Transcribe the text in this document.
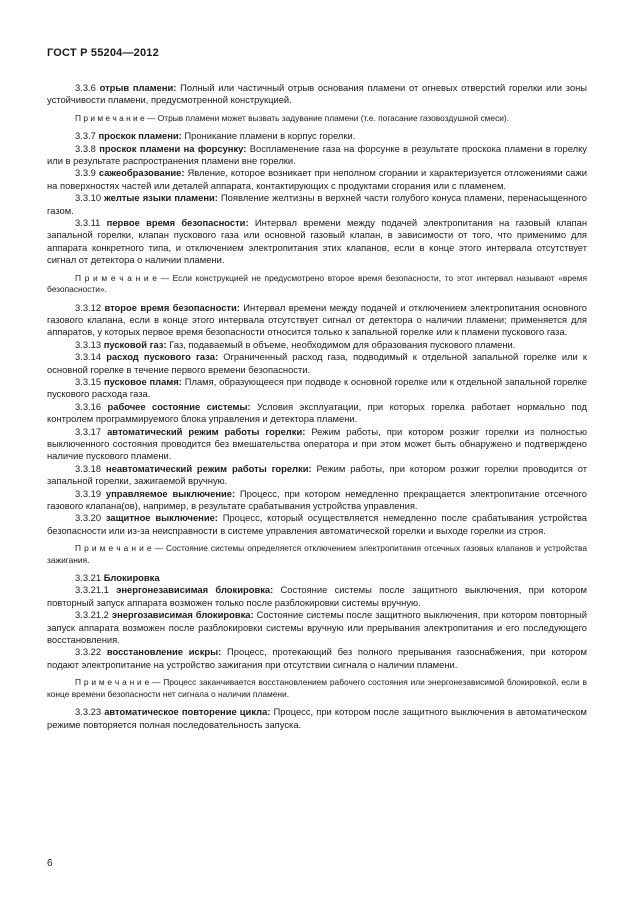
ГОСТ Р 55204—2012

3.3.6 отрыв пламени: Полный или частичный отрыв основания пламени от огневых отверстий горелки или зоны устойчивости пламени, предусмотренной конструкцией.

П р и м е ч а н и е — Отрыв пламени может вызвать задувание пламени (т.е. погасание газовоздушной смеси).

3.3.7 проскок пламени: Проникание пламени в корпус горелки.

3.3.8 проскок пламени на форсунку: Воспламенение газа на форсунке в результате проскока пламени в горелку или в результате распространения пламени вне горелки.

3.3.9 сажеобразование: Явление, которое возникает при неполном сгорании и характеризуется отложениями сажи на поверхностях частей или деталей аппарата, контактирующих с продуктами сгорания или с пламенем.

3.3.10 желтые языки пламени: Появление желтизны в верхней части голубого конуса пламени, перенасыщенного газом.

3.3.11 первое время безопасности: Интервал времени между подачей электропитания на газовый клапан запальной горелки, клапан пускового газа или основной газовый клапан, в зависимости от того, что применимо для аппарата конкретного типа, и отключением электропитания этих клапанов, если в конце этого интервала отсутствует сигнал от детектора о наличии пламени.

П р и м е ч а н и е — Если конструкцией не предусмотрено второе время безопасности, то этот интервал называют «время безопасности».

3.3.12 второе время безопасности: Интервал времени между подачей и отключением электропитания основного газового клапана, если в конце этого интервала отсутствует сигнал от детектора о наличии пламени; применяется для аппаратов, у которых первое время безопасности относится только к запальной горелке или к пламени пускового газа.

3.3.13 пусковой газ: Газ, подаваемый в объеме, необходимом для образования пускового пламени.

3.3.14 расход пускового газа: Ограниченный расход газа, подводимый к отдельной запальной горелке или к основной горелке в течение первого времени безопасности.

3.3.15 пусковое пламя: Пламя, образующееся при подводе к основной горелке или к отдельной запальной горелке пускового расхода газа.

3.3.16 рабочее состояние системы: Условия эксплуатации, при которых горелка работает нормально под контролем программируемого блока управления и детектора пламени.

3.3.17 автоматический режим работы горелки: Режим работы, при котором розжиг горелки из полностью выключенного состояния проводится без вмешательства оператора и при этом может быть обнаружено и подтверждено наличие пускового пламени.

3.3.18 неавтоматический режим работы горелки: Режим работы, при котором розжиг горелки проводится от запальной горелки, зажигаемой вручную.

3.3.19 управляемое выключение: Процесс, при котором немедленно прекращается электропитание отсечного газового клапана(ов), например, в результате срабатывания устройства управления.

3.3.20 защитное выключение: Процесс, который осуществляется немедленно после срабатывания устройства безопасности или из-за неисправности в системе управления автоматической горелки и выходе горелки из строя.

П р и м е ч а н и е — Состояние системы определяется отключением электропитания отсечных газовых клапанов и устройства зажигания.

3.3.21 Блокировка

3.3.21.1 энергонезависимая блокировка: Состояние системы после защитного выключения, при котором повторный запуск аппарата возможен только после разблокировки системы вручную.

3.3.21.2 энергозависимая блокировка: Состояние системы после защитного выключения, при котором повторный запуск аппарата возможен после разблокировки системы вручную или прерывания электропитания и его последующего восстановления.

3.3.22 восстановление искры: Процесс, протекающий без полного прерывания газоснабжения, при котором подают электропитание на устройство зажигания при отсутствии сигнала о наличии пламени.

П р и м е ч а н и е — Процесс заканчивается восстановлением рабочего состояния или энергонезависимой блокировкой, если в конце времени безопасности нет сигнала о наличии пламени.

3.3.23 автоматическое повторение цикла: Процесс, при котором после защитного выключения в автоматическом режиме повторяется полная последовательность запуска.

6
